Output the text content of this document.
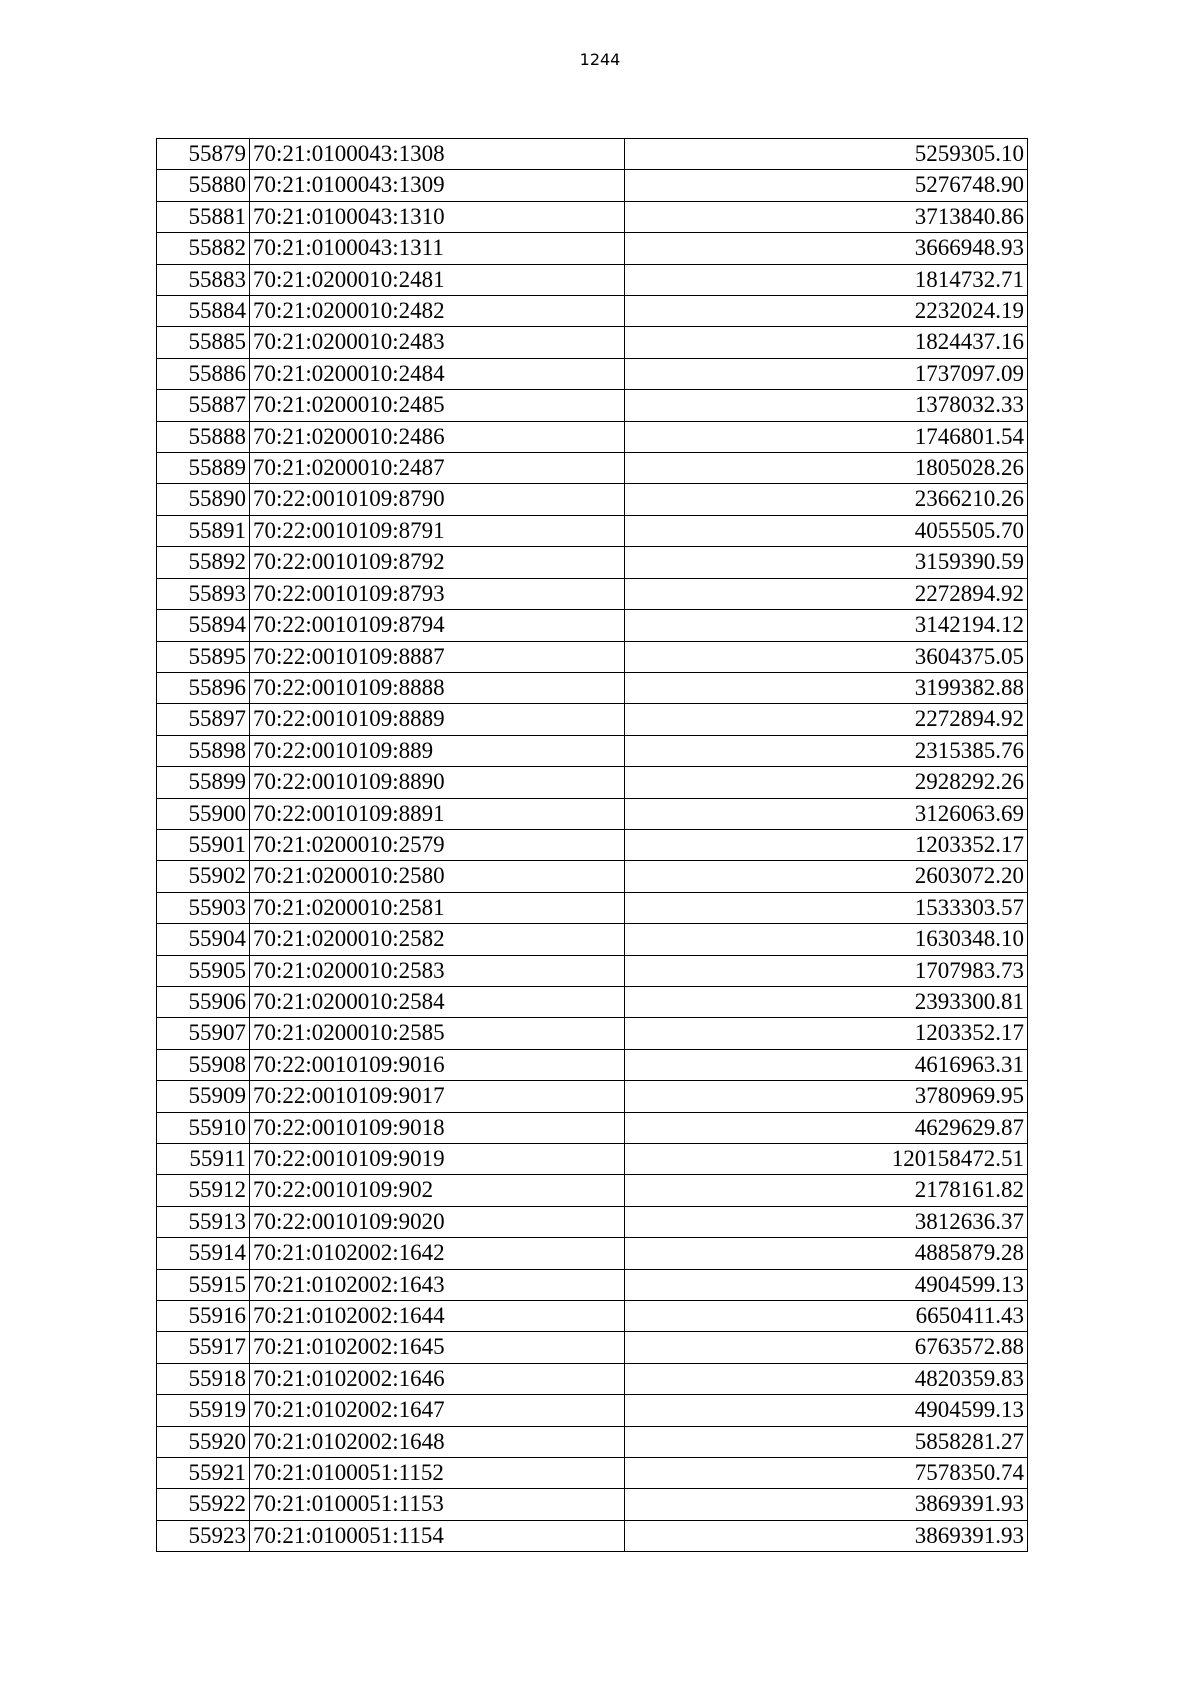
1244
55879	70:21:0100043:1308	5259305.10
55880	70:21:0100043:1309	5276748.90
55881	70:21:0100043:1310	3713840.86
55882	70:21:0100043:1311	3666948.93
55883	70:21:0200010:2481	1814732.71
55884	70:21:0200010:2482	2232024.19
55885	70:21:0200010:2483	1824437.16
55886	70:21:0200010:2484	1737097.09
55887	70:21:0200010:2485	1378032.33
55888	70:21:0200010:2486	1746801.54
55889	70:21:0200010:2487	1805028.26
55890	70:22:0010109:8790	2366210.26
55891	70:22:0010109:8791	4055505.70
55892	70:22:0010109:8792	3159390.59
55893	70:22:0010109:8793	2272894.92
55894	70:22:0010109:8794	3142194.12
55895	70:22:0010109:8887	3604375.05
55896	70:22:0010109:8888	3199382.88
55897	70:22:0010109:8889	2272894.92
55898	70:22:0010109:889	2315385.76
55899	70:22:0010109:8890	2928292.26
55900	70:22:0010109:8891	3126063.69
55901	70:21:0200010:2579	1203352.17
55902	70:21:0200010:2580	2603072.20
55903	70:21:0200010:2581	1533303.57
55904	70:21:0200010:2582	1630348.10
55905	70:21:0200010:2583	1707983.73
55906	70:21:0200010:2584	2393300.81
55907	70:21:0200010:2585	1203352.17
55908	70:22:0010109:9016	4616963.31
55909	70:22:0010109:9017	3780969.95
55910	70:22:0010109:9018	4629629.87
55911	70:22:0010109:9019	120158472.51
55912	70:22:0010109:902	2178161.82
55913	70:22:0010109:9020	3812636.37
55914	70:21:0102002:1642	4885879.28
55915	70:21:0102002:1643	4904599.13
55916	70:21:0102002:1644	6650411.43
55917	70:21:0102002:1645	6763572.88
55918	70:21:0102002:1646	4820359.83
55919	70:21:0102002:1647	4904599.13
55920	70:21:0102002:1648	5858281.27
55921	70:21:0100051:1152	7578350.74
55922	70:21:0100051:1153	3869391.93
55923	70:21:0100051:1154	3869391.93
